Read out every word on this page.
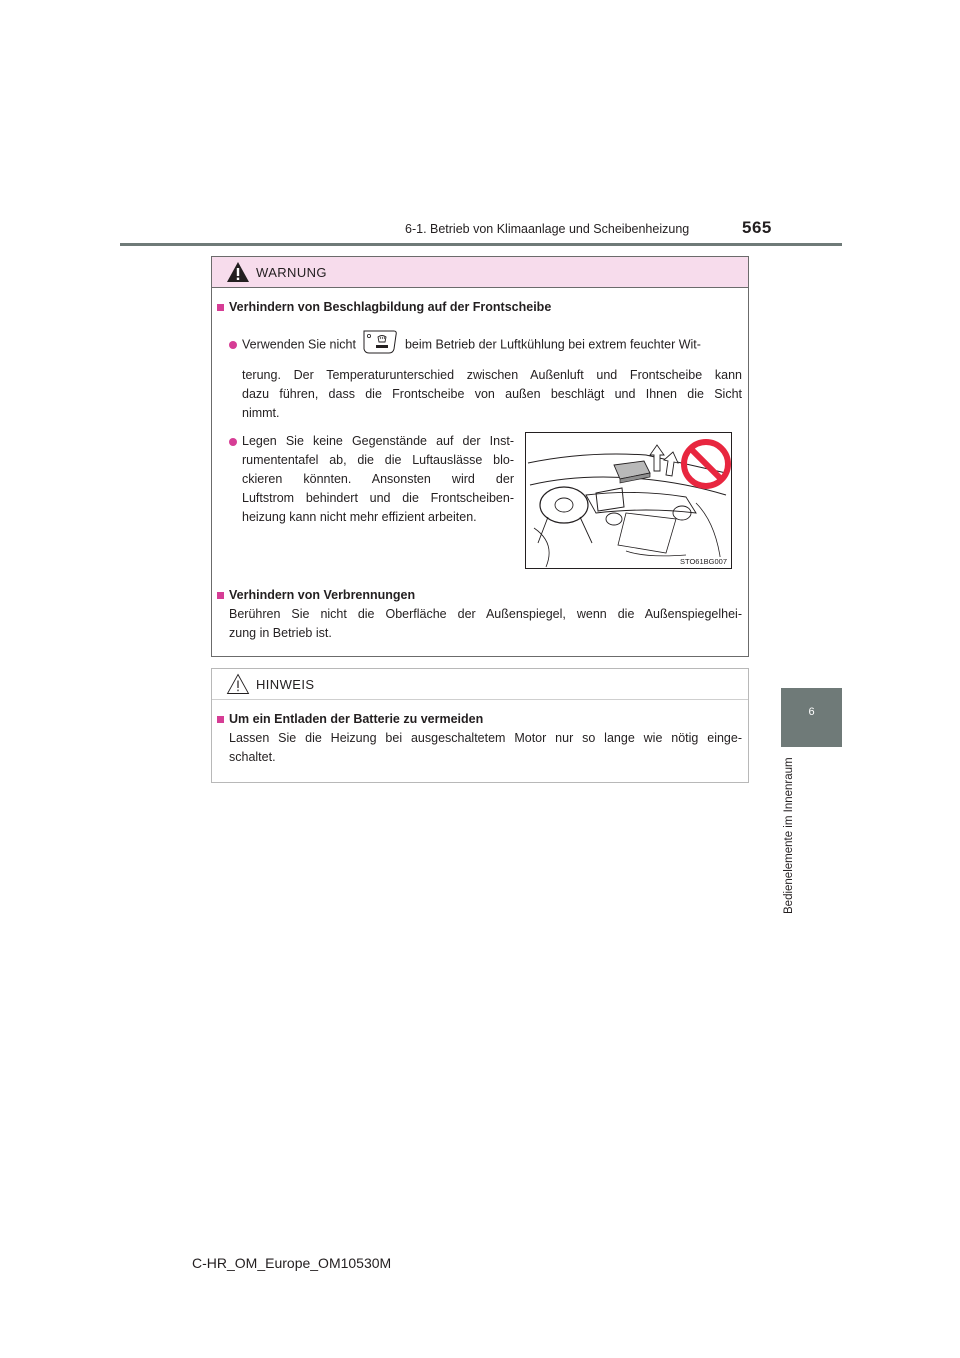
6-1. Betrieb von Klimaanlage und Scheibenheizung	565
6
Bedienelemente im Innenraum
WARNUNG
Verhindern von Beschlagbildung auf der Frontscheibe
Verwenden Sie nicht	beim Betrieb der Luftkühlung bei extrem feuchter Wit-
terung. Der Temperaturunterschied zwischen Außenluft und Frontscheibe kann
dazu führen, dass die Frontscheibe von außen beschlägt und Ihnen die Sicht
nimmt.
Legen Sie keine Gegenstände auf der Inst-
rumententafel ab, die die Luftauslässe blo-
ckieren könnten. Ansonsten wird der
Luftstrom behindert und die Frontscheiben-
heizung kann nicht mehr effizient arbeiten.
STO61BG007
Verhindern von Verbrennungen
Berühren Sie nicht die Oberfläche der Außenspiegel, wenn die Außenspiegelhei-
zung in Betrieb ist.
HINWEIS
Um ein Entladen der Batterie zu vermeiden
Lassen Sie die Heizung bei ausgeschaltetem Motor nur so lange wie nötig einge-
schaltet.
C-HR_OM_Europe_OM10530M
